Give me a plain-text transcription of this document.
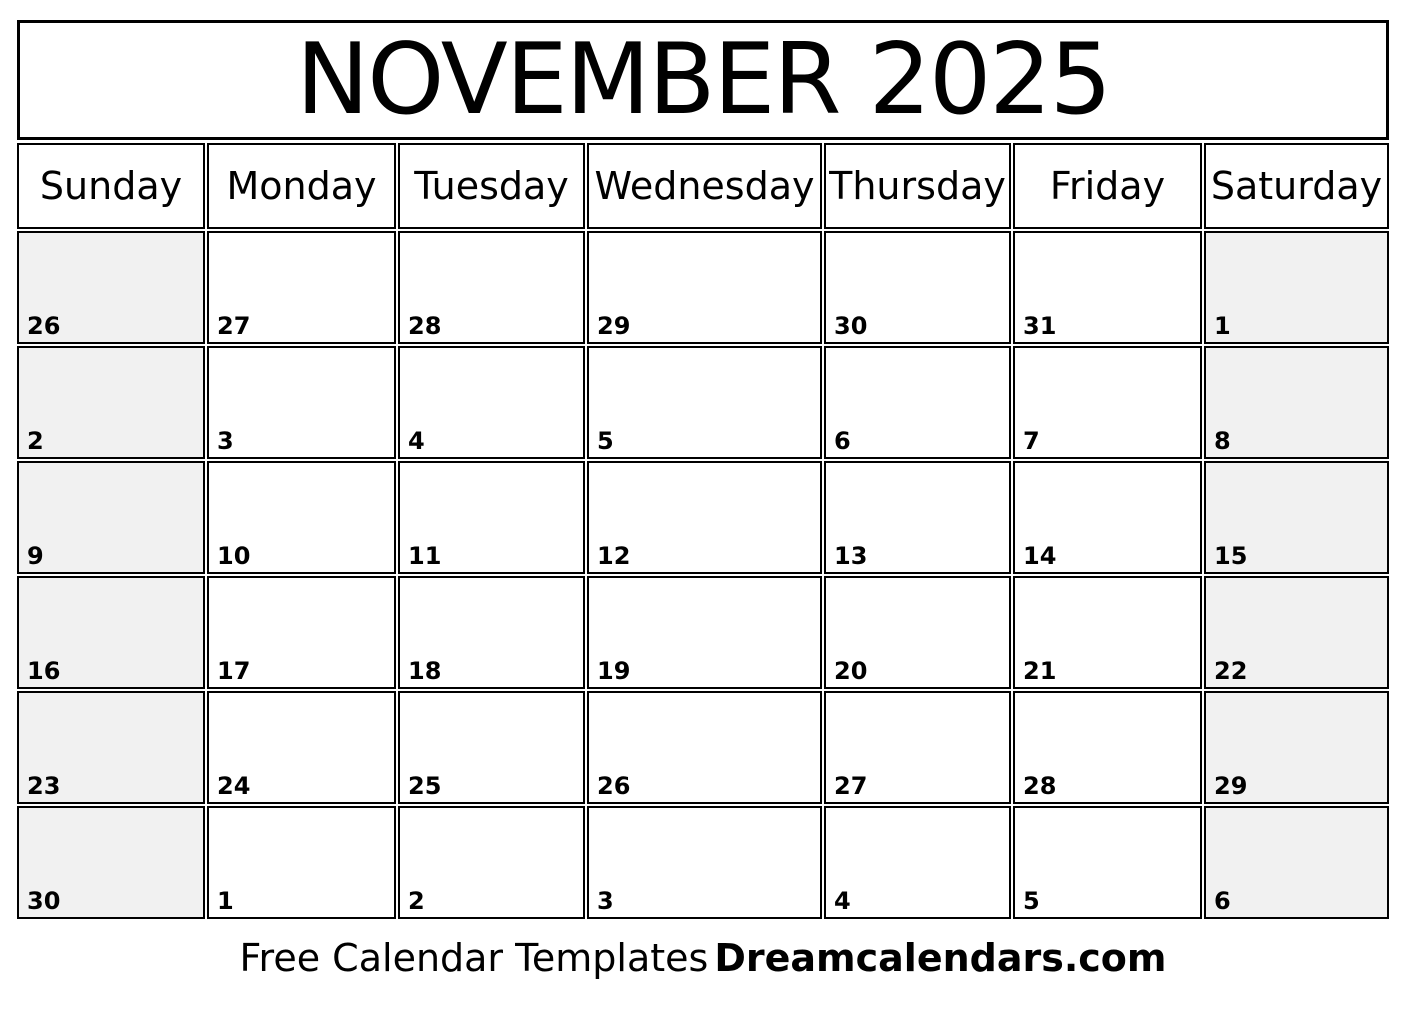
NOVEMBER 2025
Sunday	Monday Tuesday Wednesday Thursday	Friday	Saturday
26	27	28	29	30	31	1
2	3	4	5	6	7	8
9	10	11	12	13	14	15
16	17	18	19	20	21	22
23	24	25	26	27	28	29
30	1	2	3	4	5	6

Free Calendar Templates Dreamcalendars.com
